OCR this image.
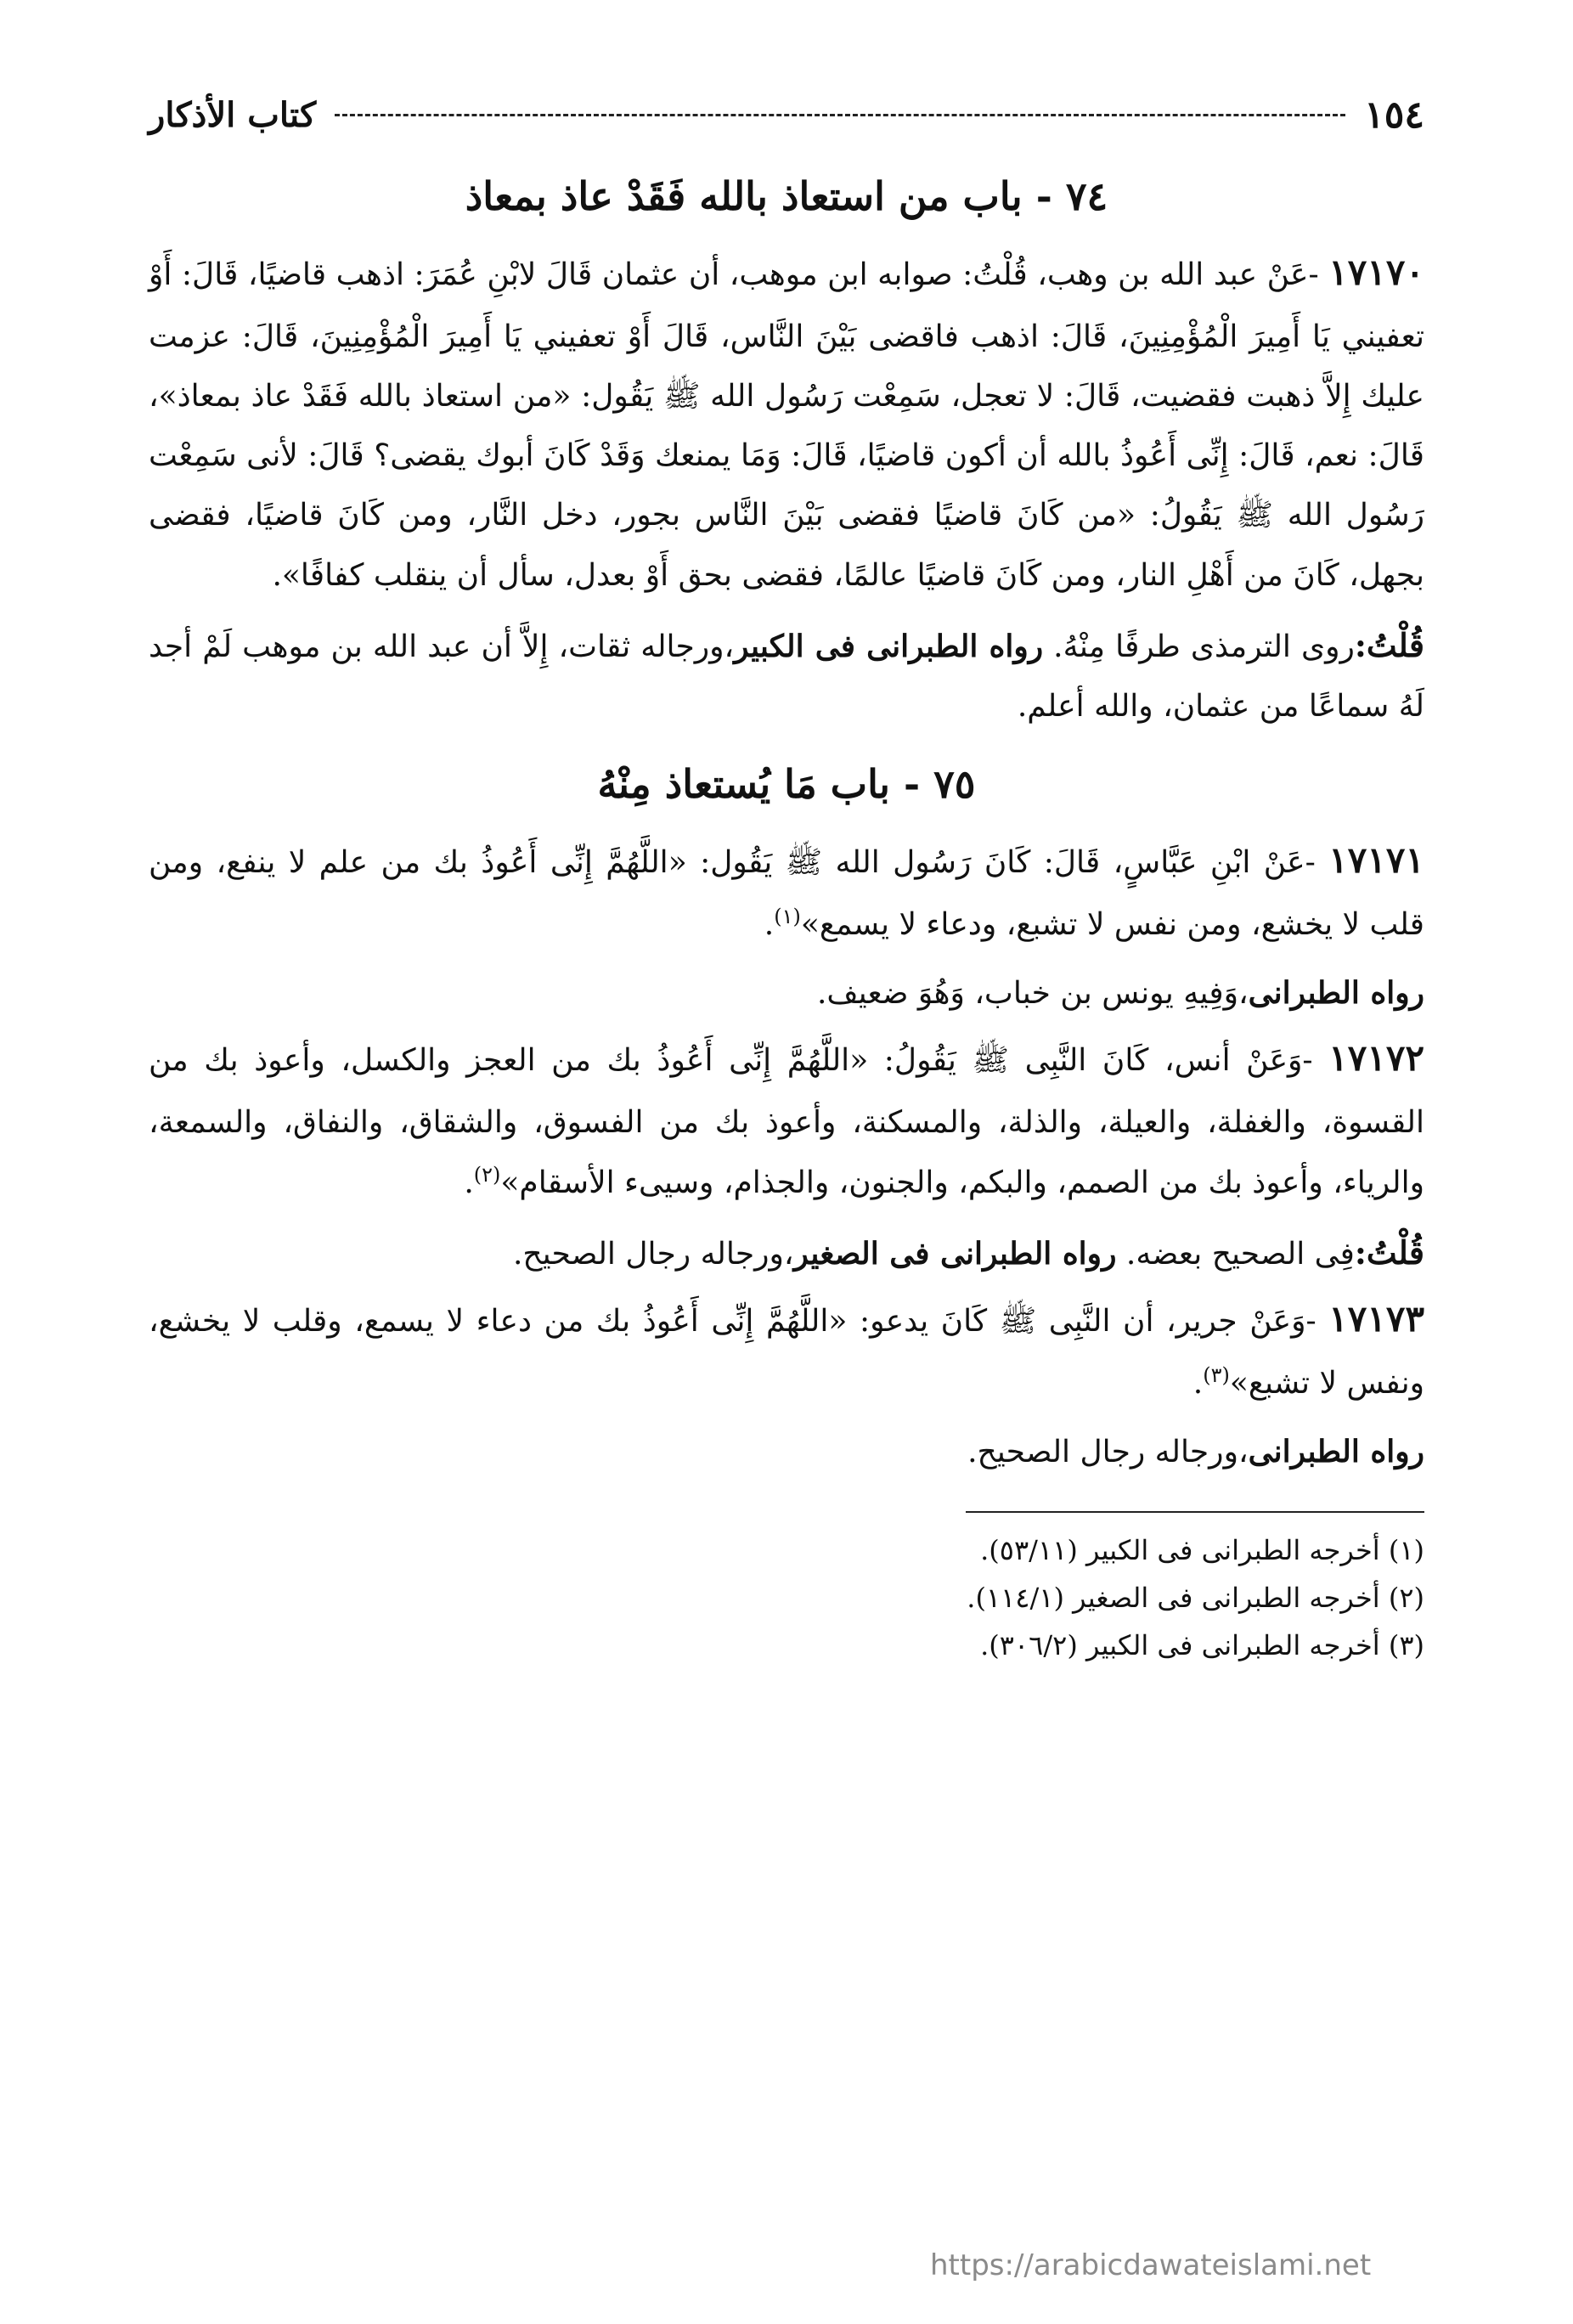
١٥٤
كتاب الأذكار
٧٤ - باب من استعاذ بالله فَقَدْ عاذ بمعاذ

١٧١٧٠ -عَنْ عبد الله بن وهب، قُلْتُ: صوابه ابن موهب، أن عثمان قَالَ لابْنِ عُمَرَ: اذهب قاضيًا، قَالَ: أَوْ تعفيني يَا أَمِيرَ الْمُؤْمِنِينَ، قَالَ: اذهب فاقضى بَيْنَ النَّاس، قَالَ أَوْ تعفيني يَا أَمِيرَ الْمُؤْمِنِينَ، قَالَ: عزمت عليك إِلاَّ ذهبت فقضيت، قَالَ: لا تعجل، سَمِعْت رَسُول الله ﷺ يَقُول: «من استعاذ بالله فَقَدْ عاذ بمعاذ»، قَالَ: نعم، قَالَ: إِنِّى أَعُوذُ بالله أن أكون قاضيًا، قَالَ: وَمَا يمنعك وَقَدْ كَانَ أبوك يقضى؟ قَالَ: لأنى سَمِعْت رَسُول الله ﷺ يَقُولُ: «من كَانَ قاضيًا فقضى بَيْنَ النَّاس بجور، دخل النَّار، ومن كَانَ قاضيًا، فقضى بجهل، كَانَ من أَهْلِ النار، ومن كَانَ قاضيًا عالمًا، فقضى بحق أَوْ بعدل، سأل أن ينقلب كفافًا».

قُلْتُ:روى الترمذى طرفًا مِنْهُ. رواه الطبرانى فى الكبير،ورجاله ثقات، إِلاَّ أن عبد الله بن موهب لَمْ أجد لَهُ سماعًا من عثمان، والله أعلم.

٧٥ - باب مَا يُستعاذ مِنْهُ

١٧١٧١ -عَنْ ابْنِ عَبَّاسٍ، قَالَ: كَانَ رَسُول الله ﷺ يَقُول: «اللَّهُمَّ إِنِّى أَعُوذُ بك من علم لا ينفع، ومن قلب لا يخشع، ومن نفس لا تشبع، ودعاء لا يسمع»$^{(١)}$.

رواه الطبرانى،وَفِيهِ يونس بن خباب، وَهُوَ ضعيف.

١٧١٧٢ -وَعَنْ أنس، كَانَ النَّبِى ﷺ يَقُولُ: «اللَّهُمَّ إِنِّى أَعُوذُ بك من العجز والكسل، وأعوذ بك من القسوة، والغفلة، والعيلة، والذلة، والمسكنة، وأعوذ بك من الفسوق، والشقاق، والنفاق، والسمعة، والرياء، وأعوذ بك من الصمم، والبكم، والجنون، والجذام، وسيىء الأسقام»$^{(٢)}$.

قُلْتُ:فِى الصحيح بعضه. رواه الطبرانى فى الصغير،ورجاله رجال الصحيح.

١٧١٧٣ -وَعَنْ جرير، أن النَّبِى ﷺ كَانَ يدعو: «اللَّهُمَّ إِنِّى أَعُوذُ بك من دعاء لا يسمع، وقلب لا يخشع، ونفس لا تشبع»$^{(٣)}$.

رواه الطبرانى،ورجاله رجال الصحيح.

(١) أخرجه الطبرانى فى الكبير (٥٣/١١).

(٢) أخرجه الطبرانى فى الصغير (١١٤/١).

(٣) أخرجه الطبرانى فى الكبير (٣٠٦/٢).

https://arabicdawateislami.net
